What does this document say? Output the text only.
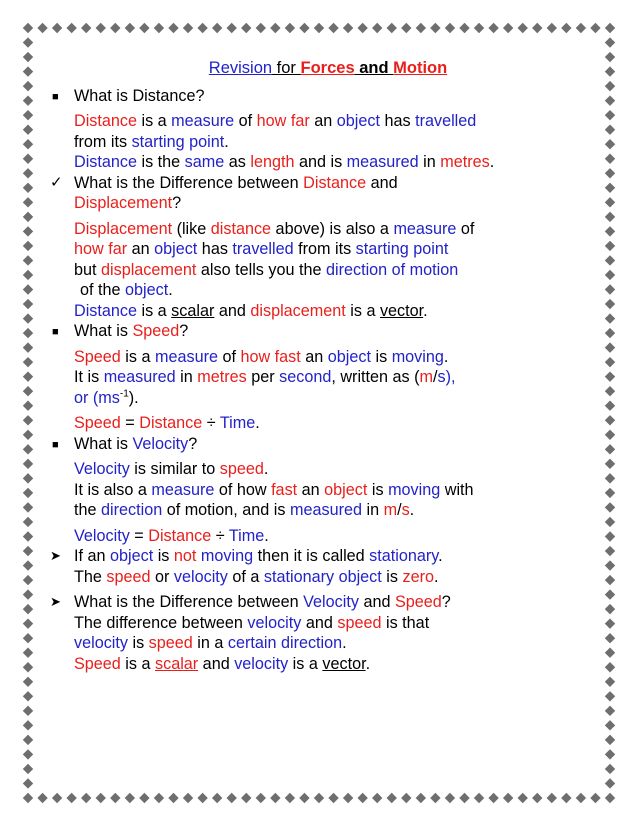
Revision for Forces and Motion
■ What is Distance?
Distance is a measure of how far an object has travelled
from its starting point.
Distance is the same as length and is measured in metres.
✓ What is the Difference between Distance and
Displacement?
Displacement (like distance above) is also a measure of
how far an object has travelled from its starting point
but displacement also tells you the direction of motion
of the object.
Distance is a scalar and displacement is a vector.
■ What is Speed?
Speed is a measure of how fast an object is moving.
It is measured in metres per second, written as (m/s),
or $(ms^{-1})$.
Speed = Distance ÷ Time.
■ What is Velocity?
Velocity is similar to speed.
It is also a measure of how fast an object is moving with
the direction of motion, and is measured in m/s.
Velocity = Distance ÷ Time.
➤ If an object is not moving then it is called stationary.
The speed or velocity of a stationary object is zero.
➤ What is the Difference between Velocity and Speed?
The difference between velocity and speed is that
velocity is speed in a certain direction.
Speed is a scalar and velocity is a vector.
